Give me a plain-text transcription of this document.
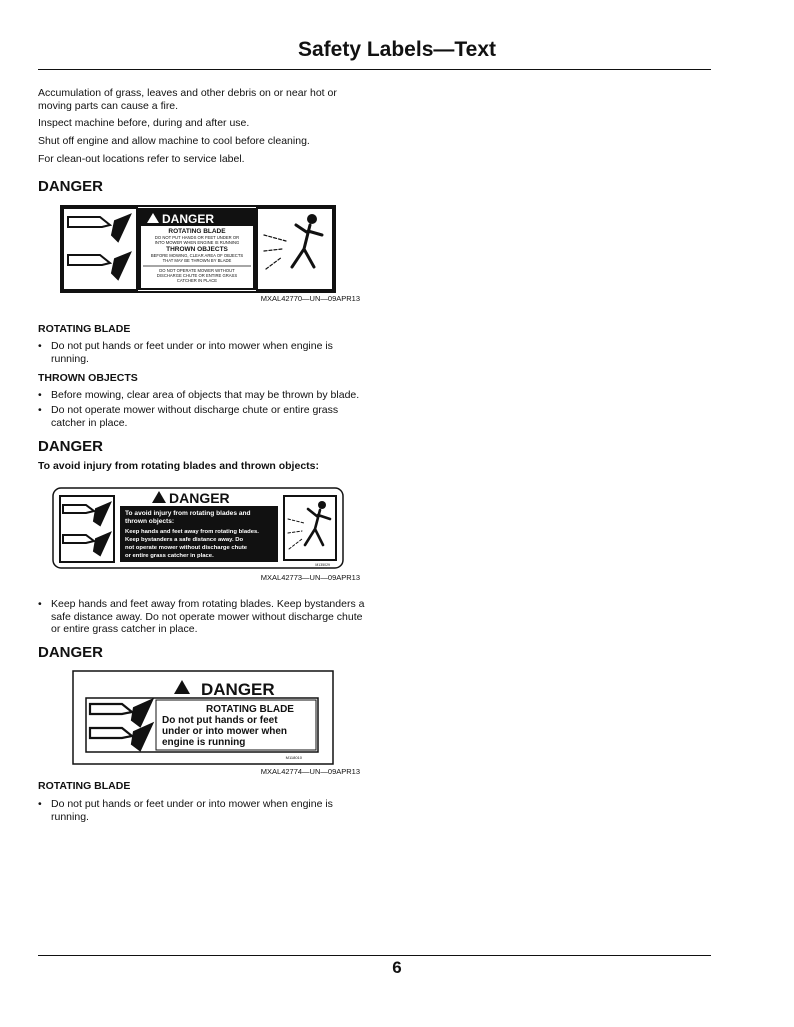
Safety Labels—Text
Accumulation of grass, leaves and other debris on or near hot or moving parts can cause a fire.
Inspect machine before, during and after use.
Shut off engine and allow machine to cool before cleaning.
For clean-out locations refer to service label.
DANGER
DANGER
ROTATING BLADE
DO NOT PUT HANDS OR FEET UNDER OR
INTO MOWER WHEN ENGINE IS RUNNING
THROWN OBJECTS
BEFORE MOWING, CLEAR AREA OF OBJECTS
THAT MAY BE THROWN BY BLADE
DO NOT OPERATE MOWER WITHOUT
DISCHARGE CHUTE OR ENTIRE GRASS
CATCHER IN PLACE
MXAL42770—UN—09APR13
ROTATING BLADE
• Do not put hands or feet under or into mower when engine is running.
THROWN OBJECTS
• Before mowing, clear area of objects that may be thrown by blade.
• Do not operate mower without discharge chute or entire grass catcher in place.
DANGER
To avoid injury from rotating blades and thrown objects:
DANGER
To avoid injury from rotating blades and
thrown objects:
Keep hands and feet away from rotating blades.
Keep bystanders a safe distance away. Do
not operate mower without discharge chute
or entire grass catcher in place.
M135029
MXAL42773—UN—09APR13
• Keep hands and feet away from rotating blades. Keep bystanders a safe distance away. Do not operate mower without discharge chute or entire grass catcher in place.
DANGER
DANGER
ROTATING BLADE
Do not put hands or feet
under or into mower when
engine is running
M118010
MXAL42774—UN—09APR13
ROTATING BLADE
• Do not put hands or feet under or into mower when engine is running.
6
